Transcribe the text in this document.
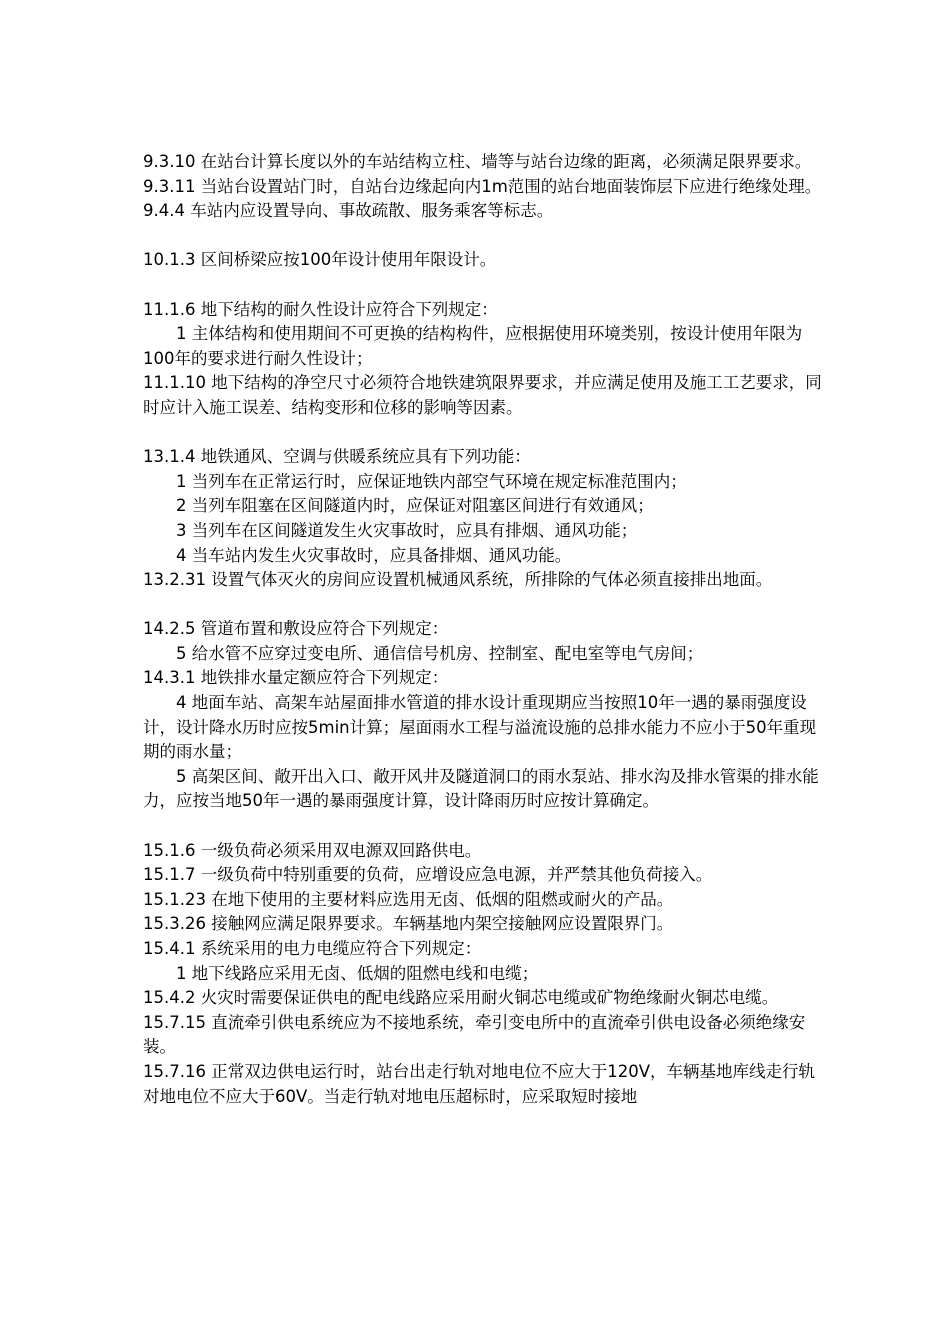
9.3.10 在站台计算长度以外的车站结构立柱、墙等与站台边缘的距离，必须满足限界要求。

9.3.11 当站台设置站门时，自站台边缘起向内1m范围的站台地面装饰层下应进行绝缘处理。

9.4.4 车站内应设置导向、事故疏散、服务乘客等标志。

10.1.3 区间桥梁应按100年设计使用年限设计。

11.1.6 地下结构的耐久性设计应符合下列规定：

1 主体结构和使用期间不可更换的结构构件，应根据使用环境类别，按设计使用年限为100年的要求进行耐久性设计；

11.1.10 地下结构的净空尺寸必须符合地铁建筑限界要求，并应满足使用及施工工艺要求，同时应计入施工误差、结构变形和位移的影响等因素。

13.1.4 地铁通风、空调与供暖系统应具有下列功能：

1 当列车在正常运行时，应保证地铁内部空气环境在规定标准范围内；

2 当列车阻塞在区间隧道内时，应保证对阻塞区间进行有效通风；

3 当列车在区间隧道发生火灾事故时，应具有排烟、通风功能；

4 当车站内发生火灾事故时，应具备排烟、通风功能。

13.2.31 设置气体灭火的房间应设置机械通风系统，所排除的气体必须直接排出地面。

14.2.5 管道布置和敷设应符合下列规定：

5 给水管不应穿过变电所、通信信号机房、控制室、配电室等电气房间；

14.3.1 地铁排水量定额应符合下列规定：

4 地面车站、高架车站屋面排水管道的排水设计重现期应当按照10年一遇的暴雨强度设计，设计降水历时应按5min计算；屋面雨水工程与溢流设施的总排水能力不应小于50年重现期的雨水量；

5 高架区间、敞开出入口、敞开风井及隧道洞口的雨水泵站、排水沟及排水管渠的排水能力，应按当地50年一遇的暴雨强度计算，设计降雨历时应按计算确定。

15.1.6 一级负荷必须采用双电源双回路供电。

15.1.7 一级负荷中特别重要的负荷，应增设应急电源，并严禁其他负荷接入。

15.1.23 在地下使用的主要材料应选用无卤、低烟的阻燃或耐火的产品。

15.3.26 接触网应满足限界要求。车辆基地内架空接触网应设置限界门。

15.4.1 系统采用的电力电缆应符合下列规定：

1 地下线路应采用无卤、低烟的阻燃电线和电缆；

15.4.2 火灾时需要保证供电的配电线路应采用耐火铜芯电缆或矿物绝缘耐火铜芯电缆。

15.7.15 直流牵引供电系统应为不接地系统，牵引变电所中的直流牵引供电设备必须绝缘安装。

15.7.16 正常双边供电运行时，站台出走行轨对地电位不应大于120V，车辆基地库线走行轨对地电位不应大于60V。当走行轨对地电压超标时，应采取短时接地
